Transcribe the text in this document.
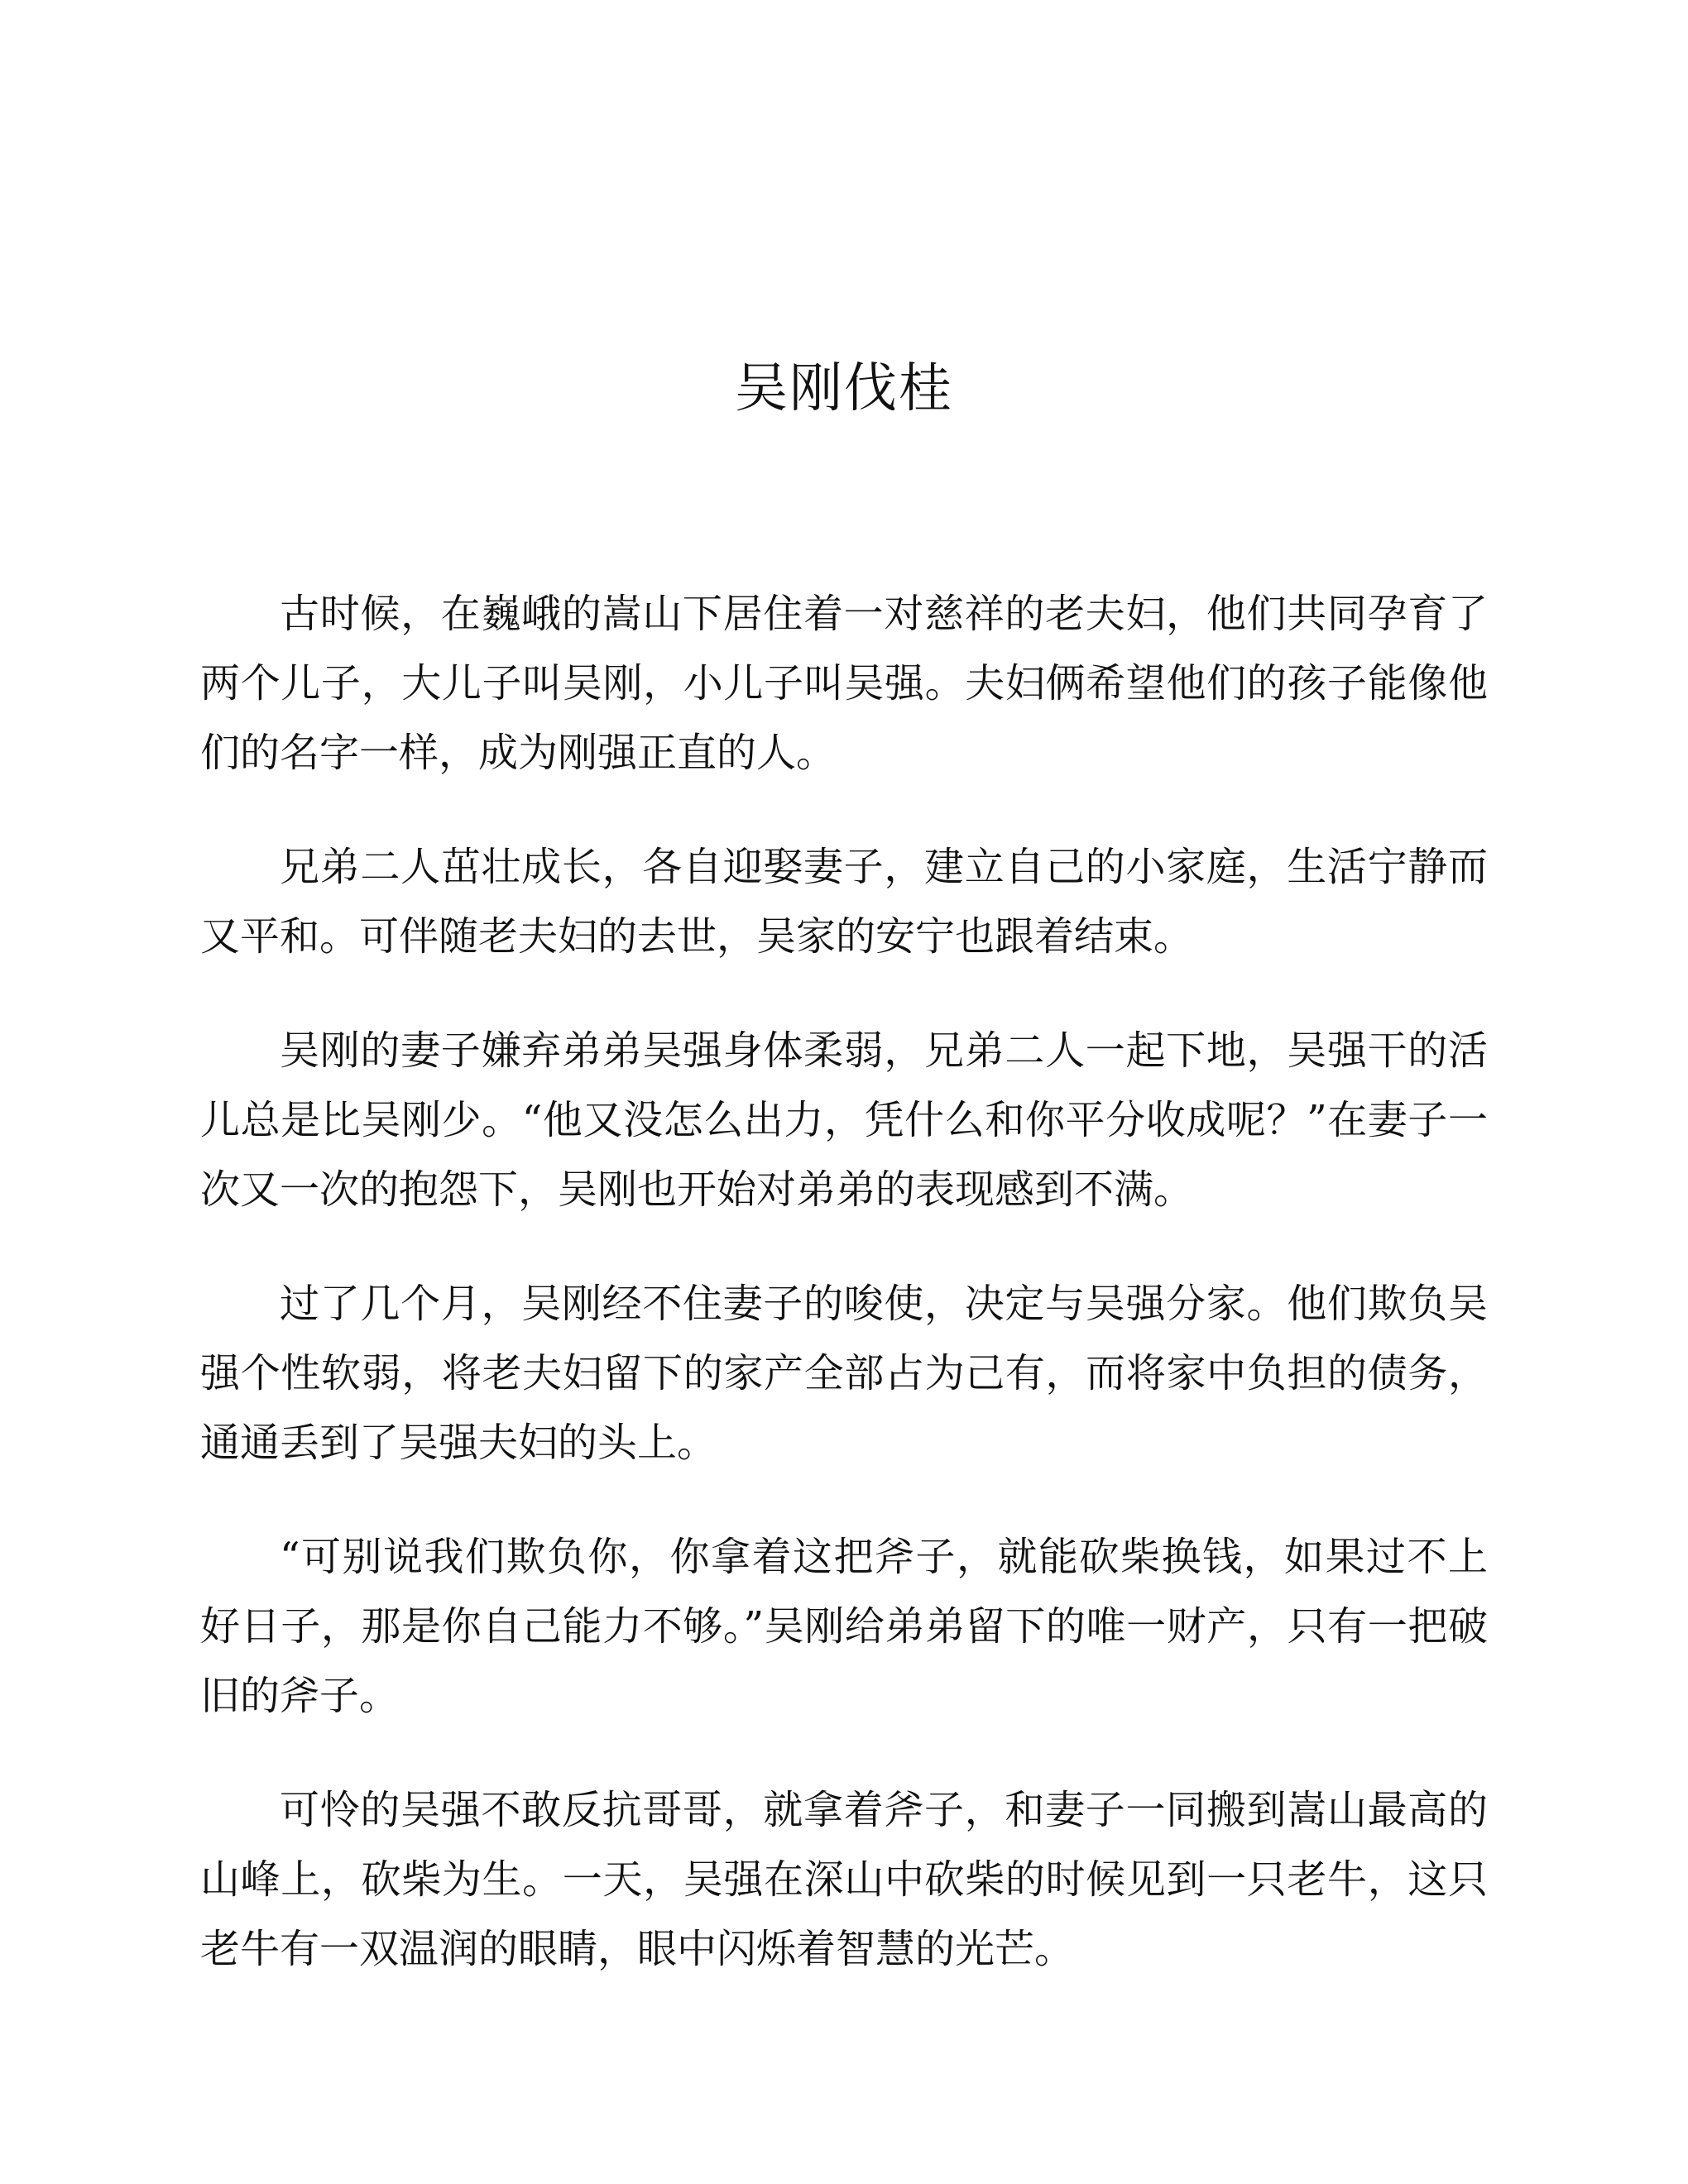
吴刚伐桂

古时候，在巍峨的嵩山下居住着一对慈祥的老夫妇，他们共同孕育了两个儿子，大儿子叫吴刚，小儿子叫吴强。夫妇俩希望他们的孩子能像他们的名字一样，成为刚强正直的人。

兄弟二人茁壮成长，各自迎娶妻子，建立自己的小家庭，生活宁静而又平和。可伴随老夫妇的去世，吴家的安宁也跟着结束。

吴刚的妻子嫌弃弟弟吴强身体柔弱，兄弟二人一起下地，吴强干的活儿总是比吴刚少。“他又没怎么出力，凭什么和你平分收成呢？”在妻子一次又一次的抱怨下，吴刚也开始对弟弟的表现感到不满。

过了几个月，吴刚经不住妻子的唆使，决定与吴强分家。他们欺负吴强个性软弱，将老夫妇留下的家产全部占为己有，而将家中负担的债务，通通丢到了吴强夫妇的头上。

“可别说我们欺负你，你拿着这把斧子，就能砍柴换钱，如果过不上好日子，那是你自己能力不够。”吴刚给弟弟留下的唯一财产，只有一把破旧的斧子。

可怜的吴强不敢反抗哥哥，就拿着斧子，和妻子一同搬到嵩山最高的山峰上，砍柴为生。一天，吴强在深山中砍柴的时候见到一只老牛，这只老牛有一双温润的眼睛，眼中闪烁着智慧的光芒。
